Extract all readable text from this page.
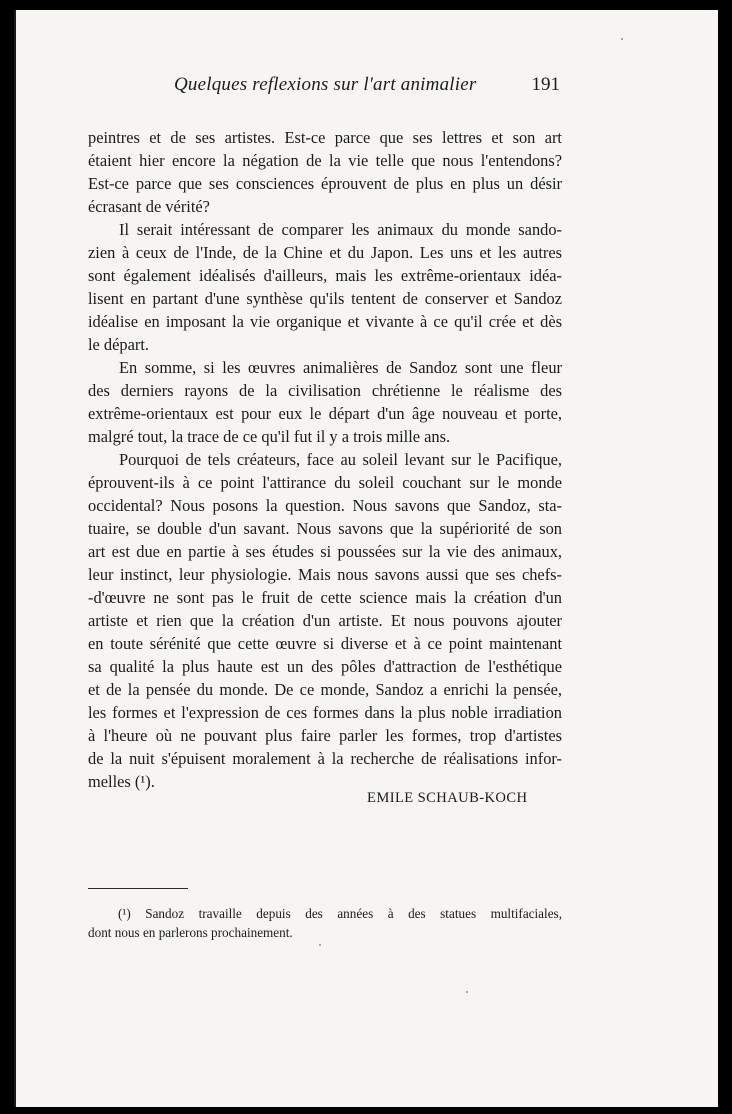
Quelques reflexions sur l'art animalier	191
peintres et de ses artistes. Est-ce parce que ses lettres et son art
étaient hier encore la négation de la vie telle que nous l'entendons?
Est-ce parce que ses consciences éprouvent de plus en plus un désir
écrasant de vérité?
Il serait intéressant de comparer les animaux du monde sando-
zien à ceux de l'Inde, de la Chine et du Japon. Les uns et les autres
sont également idéalisés d'ailleurs, mais les extrême-orientaux idéa-
lisent en partant d'une synthèse qu'ils tentent de conserver et Sandoz
idéalise en imposant la vie organique et vivante à ce qu'il crée et dès
le départ.
En somme, si les œuvres animalières de Sandoz sont une fleur
des derniers rayons de la civilisation chrétienne le réalisme des
extrême-orientaux est pour eux le départ d'un âge nouveau et porte,
malgré tout, la trace de ce qu'il fut il y a trois mille ans.
Pourquoi de tels créateurs, face au soleil levant sur le Pacifique,
éprouvent-ils à ce point l'attirance du soleil couchant sur le monde
occidental? Nous posons la question. Nous savons que Sandoz, sta-
tuaire, se double d'un savant. Nous savons que la supériorité de son
art est due en partie à ses études si poussées sur la vie des animaux,
leur instinct, leur physiologie. Mais nous savons aussi que ses chefs-
-d'œuvre ne sont pas le fruit de cette science mais la création d'un
artiste et rien que la création d'un artiste. Et nous pouvons ajouter
en toute sérénité que cette œuvre si diverse et à ce point maintenant
sa qualité la plus haute est un des pôles d'attraction de l'esthétique
et de la pensée du monde. De ce monde, Sandoz a enrichi la pensée,
les formes et l'expression de ces formes dans la plus noble irradiation
à l'heure où ne pouvant plus faire parler les formes, trop d'artistes
de la nuit s'épuisent moralement à la recherche de réalisations infor-
melles (¹).
EMILE SCHAUB-KOCH
(¹) Sandoz travaille depuis des années à des statues multifaciales,
dont nous en parlerons prochainement.
